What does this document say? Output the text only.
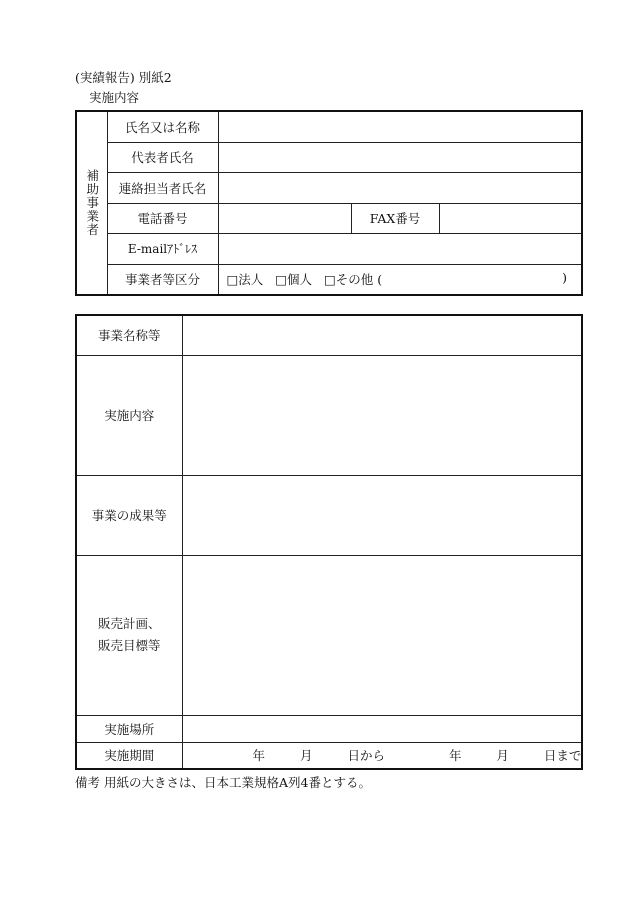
(実績報告) 別紙2
実施内容
補助事業者	氏名又は名称			
	代表者氏名			
	連絡担当者氏名			
	電話番号		FAX番号	
	E-mailｱﾄﾞﾚｽ			
	事業者等区分	□法人 □個人 □その他 ( )		
事業名称等	
実施内容	
事業の成果等	

販売計画、
販売目標等	

実施場所	
実施期間	年 月 日から 年 月 日まで
備考 用紙の大きさは、日本工業規格A列4番とする。
